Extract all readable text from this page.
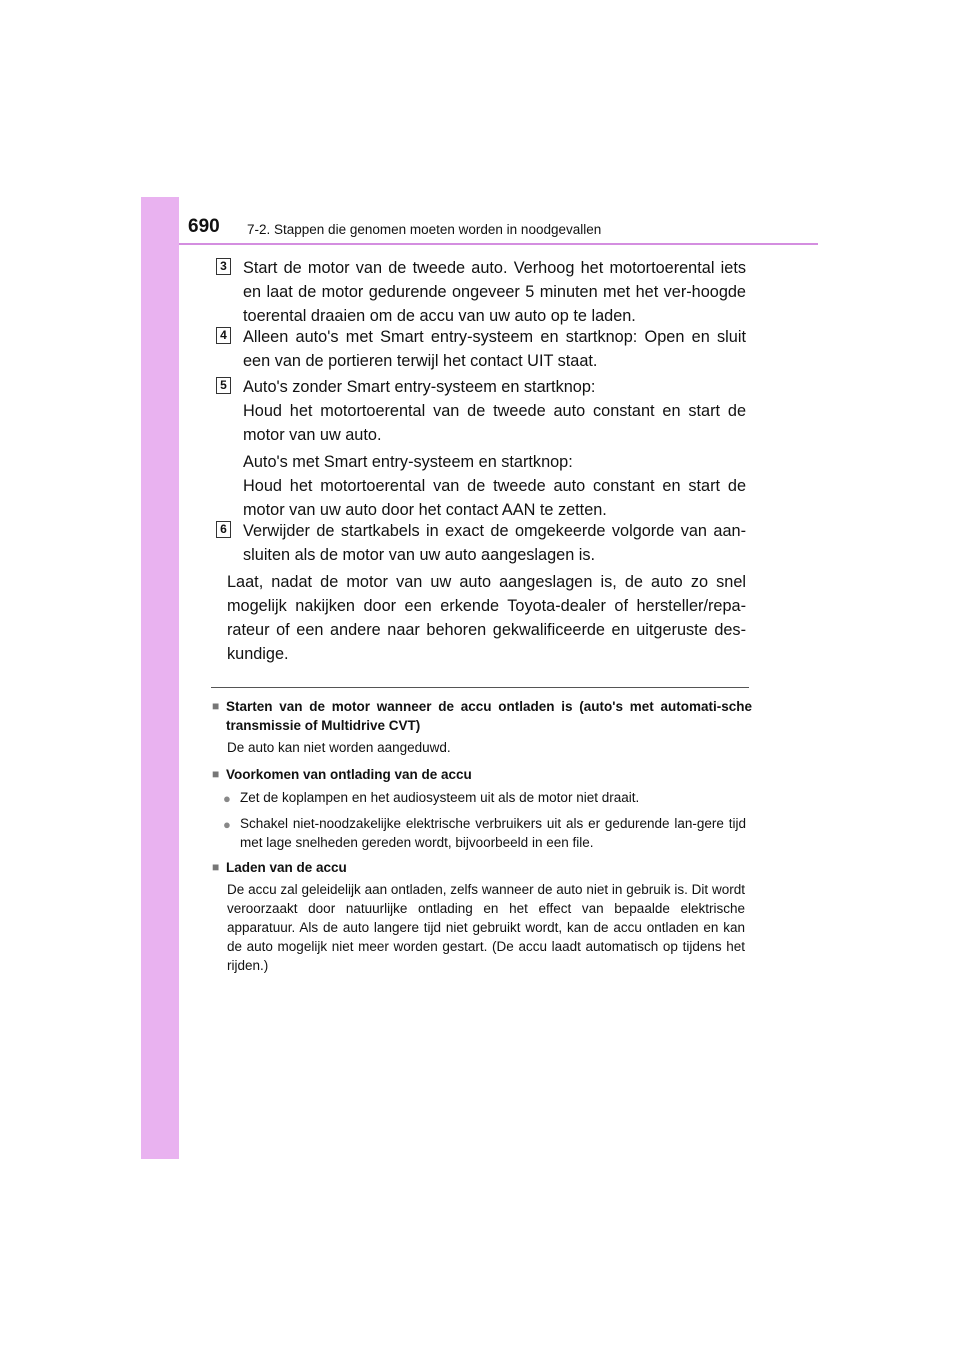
690 7-2. Stappen die genomen moeten worden in noodgevallen
3 Start de motor van de tweede auto. Verhoog het motortoerental iets en laat de motor gedurende ongeveer 5 minuten met het ver-hoogde toerental draaien om de accu van uw auto op te laden.

4 Alleen auto's met Smart entry-systeem en startknop: Open en sluit een van de portieren terwijl het contact UIT staat.

5 Auto's zonder Smart entry-systeem en startknop:

Houd het motortoerental van de tweede auto constant en start de motor van uw auto.

Auto's met Smart entry-systeem en startknop:

Houd het motortoerental van de tweede auto constant en start de motor van uw auto door het contact AAN te zetten.

6 Verwijder de startkabels in exact de omgekeerde volgorde van aan-sluiten als de motor van uw auto aangeslagen is.

Laat, nadat de motor van uw auto aangeslagen is, de auto zo snel mogelijk nakijken door een erkende Toyota-dealer of hersteller/repa-rateur of een andere naar behoren gekwalificeerde en uitgeruste des-kundige.
■ Starten van de motor wanneer de accu ontladen is (auto's met automati-sche transmissie of Multidrive CVT)
De auto kan niet worden aangeduwd.
■ Voorkomen van ontlading van de accu
● Zet de koplampen en het audiosysteem uit als de motor niet draait.
● Schakel niet-noodzakelijke elektrische verbruikers uit als er gedurende lan-gere tijd met lage snelheden gereden wordt, bijvoorbeeld in een file.
■ Laden van de accu
De accu zal geleidelijk aan ontladen, zelfs wanneer de auto niet in gebruik is. Dit wordt veroorzaakt door natuurlijke ontlading en het effect van bepaalde elektrische apparatuur. Als de auto langere tijd niet gebruikt wordt, kan de accu ontladen en kan de auto mogelijk niet meer worden gestart. (De accu laadt automatisch op tijdens het rijden.)
